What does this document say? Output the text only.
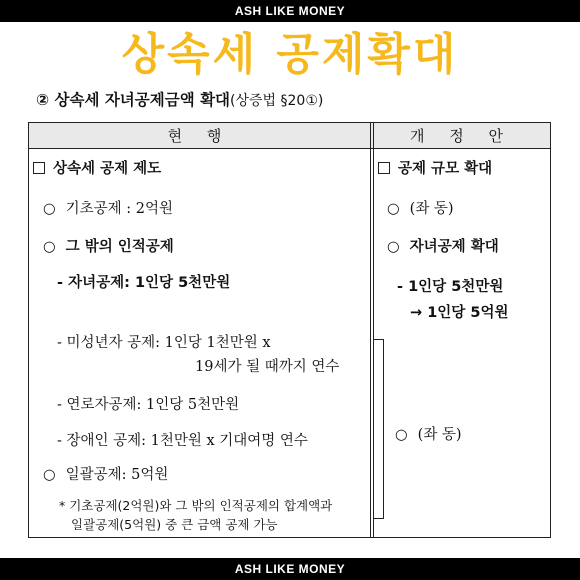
ASH LIKE MONEY
상속세 공제확대
② 상속세 자녀공제금액 확대(상증법 §20①)
현 행	개 정 안
상속세 공제 제도
○ 기초공제 : 2억원
○ 그 밖의 인적공제
- 자녀공제: 1인당 5천만원
- 미성년자 공제: 1인당 1천만원 x
19세가 될 때까지 연수
- 연로자공제: 1인당 5천만원
- 장애인 공제: 1천만원 x 기대여명 연수
○ 일괄공제: 5억원
* 기초공제(2억원)와 그 밖의 인적공제의 합계액과
일괄공제(5억원) 중 큰 금액 공제 가능
공제 규모 확대
○ (좌 동)
○ 자녀공제 확대
- 1인당 5천만원
→ 1인당 5억원
○ (좌 동)
ASH LIKE MONEY
